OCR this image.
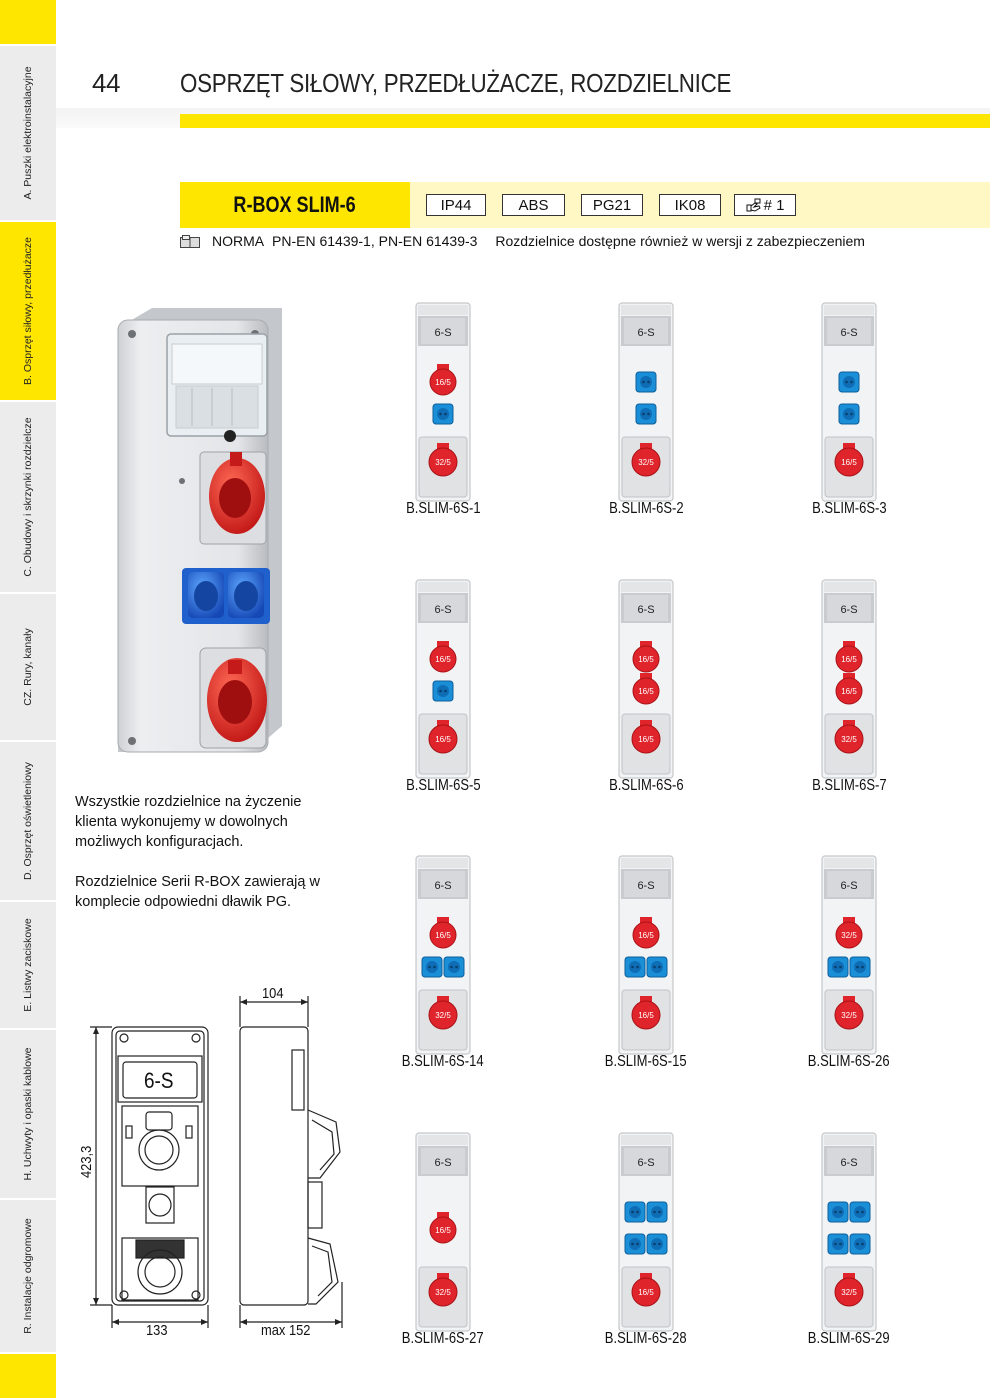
A. Puszki elektroinstalacyjne
B. Osprzęt siłowy, przedłużacze
C. Obudowy i skrzynki rozdzielcze
CZ. Rury, kanały
D. Osprzęt oświetleniowy
E. Listwy zaciskowe
H. Uchwyty i opaski kablowe
R. Instalacje odgromowe
44 OSPRZĘT SIŁOWY, PRZEDŁUŻACZE, ROZDZIELNICE
R-BOX SLIM-6	IP44	ABS	PG21	IK08	# 1
NORMA PN-EN 61439-1, PN-EN 61439-3 Rozdzielnice dostępne również w wersji z zabezpieczeniem

Wszystkie rozdzielnice na życzenie klienta wykonujemy w dowolnych możliwych konfiguracjach.

Rozdzielnice Serii R-BOX zawierają w komplecie odpowiedni dławik PG.

6-S
104
423,3
133	max 152
6-S
16/5
32/5
B.SLIM-6S-1
6-S
32/5
B.SLIM-6S-2
6-S
16/5
B.SLIM-6S-3
6-S
16/5
16/5
B.SLIM-6S-5
6-S
16/5
16/5
16/5
B.SLIM-6S-6
6-S
16/5
16/5
32/5
B.SLIM-6S-7
6-S
16/5
32/5
B.SLIM-6S-14
6-S
16/5
16/5
B.SLIM-6S-15
6-S
32/5
32/5
B.SLIM-6S-26
6-S
16/5
32/5
B.SLIM-6S-27
6-S
16/5
B.SLIM-6S-28
6-S
32/5
B.SLIM-6S-29
